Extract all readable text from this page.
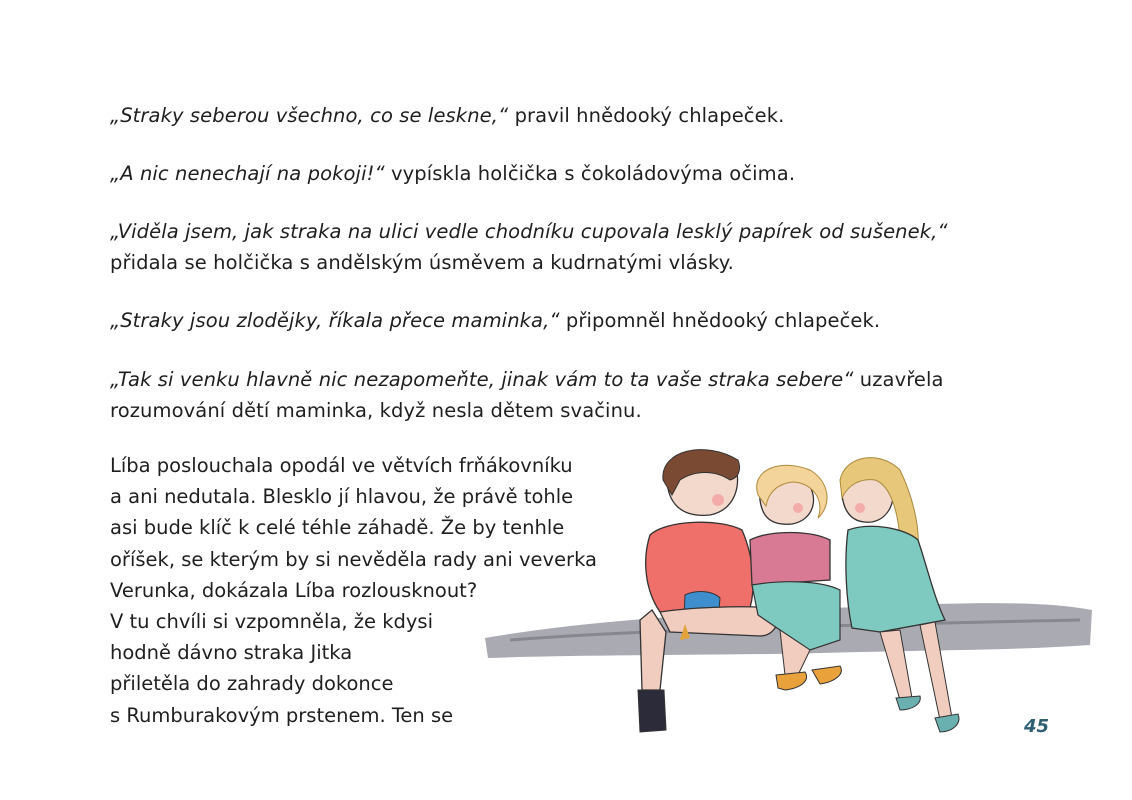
„Straky seberou všechno, co se leskne,“ pravil hnědooký chlapeček.

„A nic nenechají na pokoji!“ vypískla holčička s čokoládovýma očima.

„Viděla jsem, jak straka na ulici vedle chodníku cupovala lesklý papírek od sušenek,“
přidala se holčička s andělským úsměvem a kudrnatými vlásky.

„Straky jsou zlodějky, říkala přece maminka,“ připomněl hnědooký chlapeček.

„Tak si venku hlavně nic nezapomeňte, jinak vám to ta vaše straka sebere“ uzavřela
rozumování dětí maminka, když nesla dětem svačinu.

Líba poslouchala opodál ve větvích frňákovníku
a ani nedutala. Blesklo jí hlavou, že právě tohle
asi bude klíč k celé téhle záhadě. Že by tenhle
oříšek, se kterým by si nevěděla rady ani veverka
Verunka, dokázala Líba rozlousknout?
V tu chvíli si vzpomněla, že kdysi
hodně dávno straka Jitka
přiletěla do zahrady dokonce
s Rumburakovým prstenem. Ten se	45
